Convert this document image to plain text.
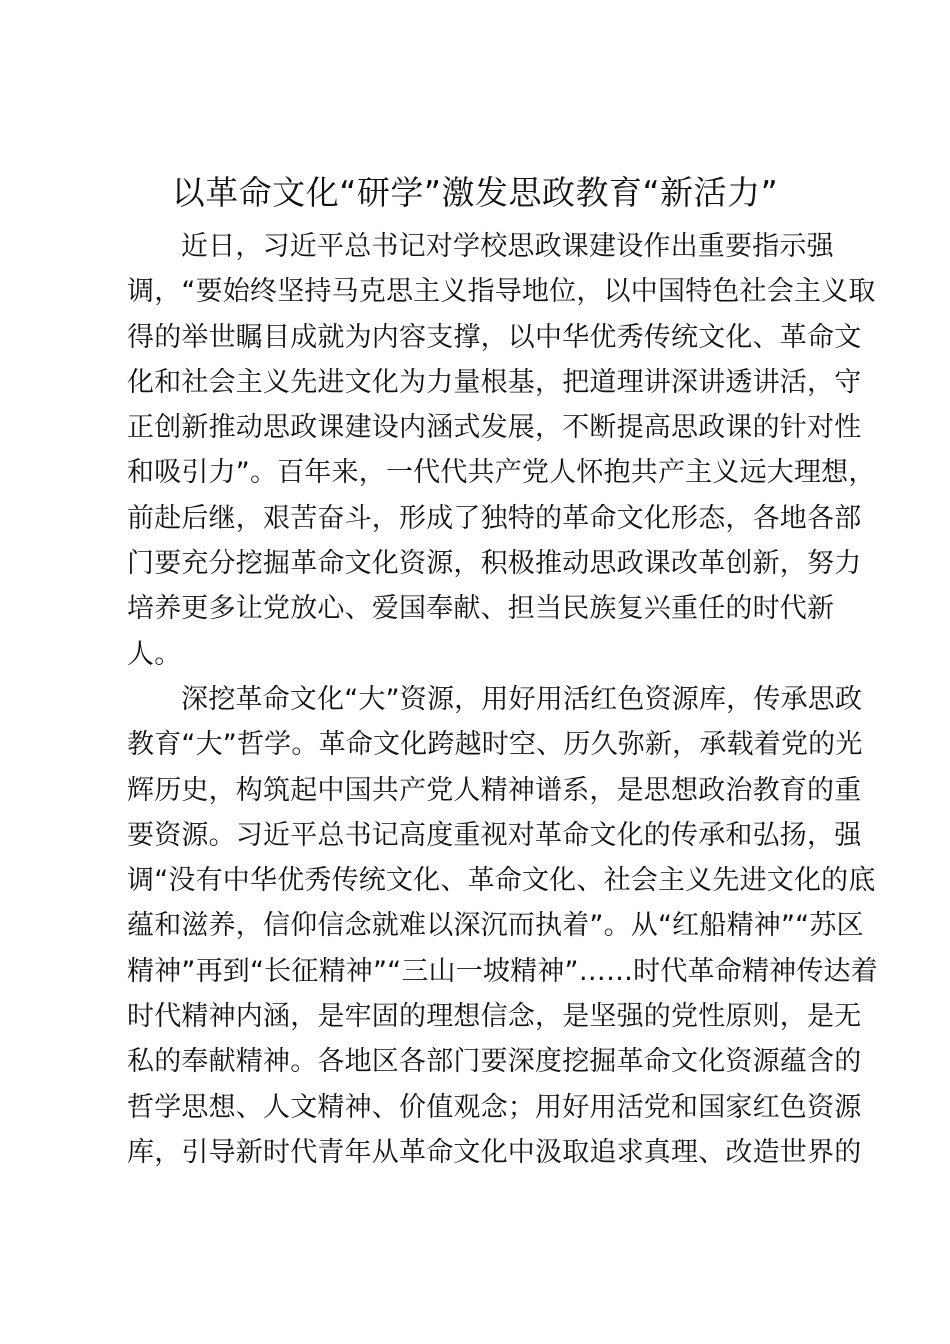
以革命文化“研学”激发思政教育“新活力”
近日，习近平总书记对学校思政课建设作出重要指示强
调，“要始终坚持马克思主义指导地位，以中国特色社会主义取
得的举世瞩目成就为内容支撑，以中华优秀传统文化、革命文
化和社会主义先进文化为力量根基，把道理讲深讲透讲活，守
正创新推动思政课建设内涵式发展，不断提高思政课的针对性
和吸引力”。百年来，一代代共产党人怀抱共产主义远大理想，
前赴后继，艰苦奋斗，形成了独特的革命文化形态，各地各部
门要充分挖掘革命文化资源，积极推动思政课改革创新，努力
培养更多让党放心、爱国奉献、担当民族复兴重任的时代新
人。
深挖革命文化“大”资源，用好用活红色资源库，传承思政
教育“大”哲学。革命文化跨越时空、历久弥新，承载着党的光
辉历史，构筑起中国共产党人精神谱系，是思想政治教育的重
要资源。习近平总书记高度重视对革命文化的传承和弘扬，强
调“没有中华优秀传统文化、革命文化、社会主义先进文化的底
蕴和滋养，信仰信念就难以深沉而执着”。从“红船精神”“苏区
精神”再到“长征精神”“三山一坡精神”……时代革命精神传达着
时代精神内涵，是牢固的理想信念，是坚强的党性原则，是无
私的奉献精神。各地区各部门要深度挖掘革命文化资源蕴含的
哲学思想、人文精神、价值观念；用好用活党和国家红色资源
库，引导新时代青年从革命文化中汲取追求真理、改造世界的
